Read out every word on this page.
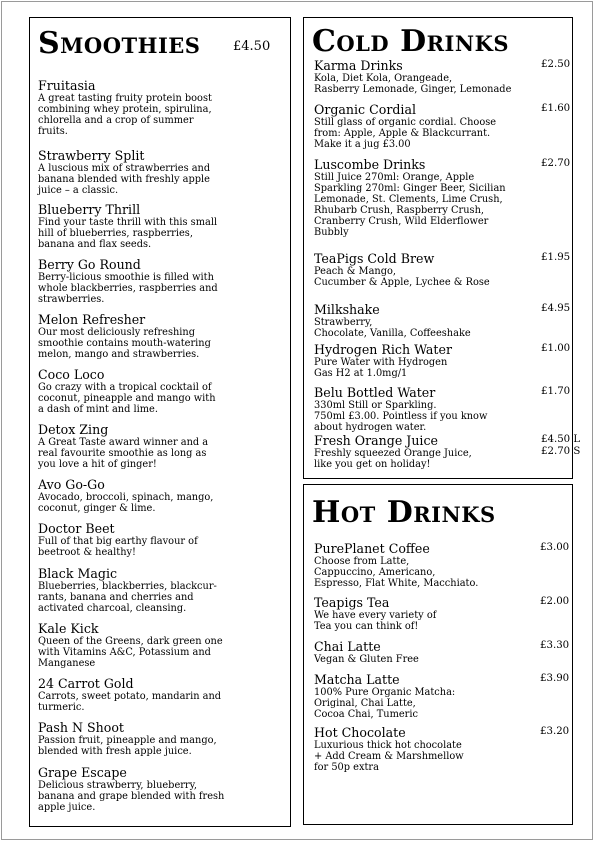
Smoothies	£4.50
Fruitasia
A great tasting fruity protein boost
combining whey protein, spirulina,
chlorella and a crop of summer
fruits.
Strawberry Split
A luscious mix of strawberries and
banana blended with freshly apple
juice – a classic.
Blueberry Thrill
Find your taste thrill with this small
hill of blueberries, raspberries,
banana and flax seeds.
Berry Go Round
Berry-licious smoothie is filled with
whole blackberries, raspberries and
strawberries.
Melon Refresher
Our most deliciously refreshing
smoothie contains mouth-watering
melon, mango and strawberries.
Coco Loco
Go crazy with a tropical cocktail of
coconut, pineapple and mango with
a dash of mint and lime.
Detox Zing
A Great Taste award winner and a
real favourite smoothie as long as
you love a hit of ginger!
Avo Go-Go
Avocado, broccoli, spinach, mango,
coconut, ginger & lime.
Doctor Beet
Full of that big earthy flavour of
beetroot & healthy!
Black Magic
Blueberries, blackberries, blackcur-
rants, banana and cherries and
activated charcoal, cleansing.
Kale Kick
Queen of the Greens, dark green one
with Vitamins A&C, Potassium and
Manganese
24 Carrot Gold
Carrots, sweet potato, mandarin and
turmeric.
Pash N Shoot
Passion fruit, pineapple and mango,
blended with fresh apple juice.
Grape Escape
Delicious strawberry, blueberry,
banana and grape blended with fresh
apple juice.
Cold Drinks
Karma Drinks
Kola, Diet Kola, Orangeade,
Rasberry Lemonade, Ginger, Lemonade
£2.50
Organic Cordial
Still glass of organic cordial. Choose
from: Apple, Apple & Blackcurrant.
Make it a jug £3.00
£1.60
Luscombe Drinks
Still Juice 270ml: Orange, Apple
Sparkling 270ml: Ginger Beer, Sicilian
Lemonade, St. Clements, Lime Crush,
Rhubarb Crush, Raspberry Crush,
Cranberry Crush, Wild Elderflower
Bubbly
£2.70
TeaPigs Cold Brew
Peach & Mango,
Cucumber & Apple, Lychee & Rose
£1.95
Milkshake
Strawberry,
Chocolate, Vanilla, Coffeeshake
£4.95
Hydrogen Rich Water
Pure Water with Hydrogen
Gas H2 at 1.0mg/1
£1.00
Belu Bottled Water
330ml Still or Sparkling.
750ml £3.00. Pointless if you know
about hydrogen water.
£1.70
Fresh Orange Juice
Freshly squeezed Orange Juice,
like you get on holiday!
£4.50 L
£2.70 S
Hot Drinks
PurePlanet Coffee
Choose from Latte,
Cappuccino, Americano,
Espresso, Flat White, Macchiato.
£3.00
Teapigs Tea
We have every variety of
Tea you can think of!
£2.00
Chai Latte
Vegan & Gluten Free
£3.30
Matcha Latte
100% Pure Organic Matcha:
Original, Chai Latte,
Cocoa Chai, Tumeric
£3.90
Hot Chocolate
Luxurious thick hot chocolate
+ Add Cream & Marshmellow
for 50p extra
£3.20
